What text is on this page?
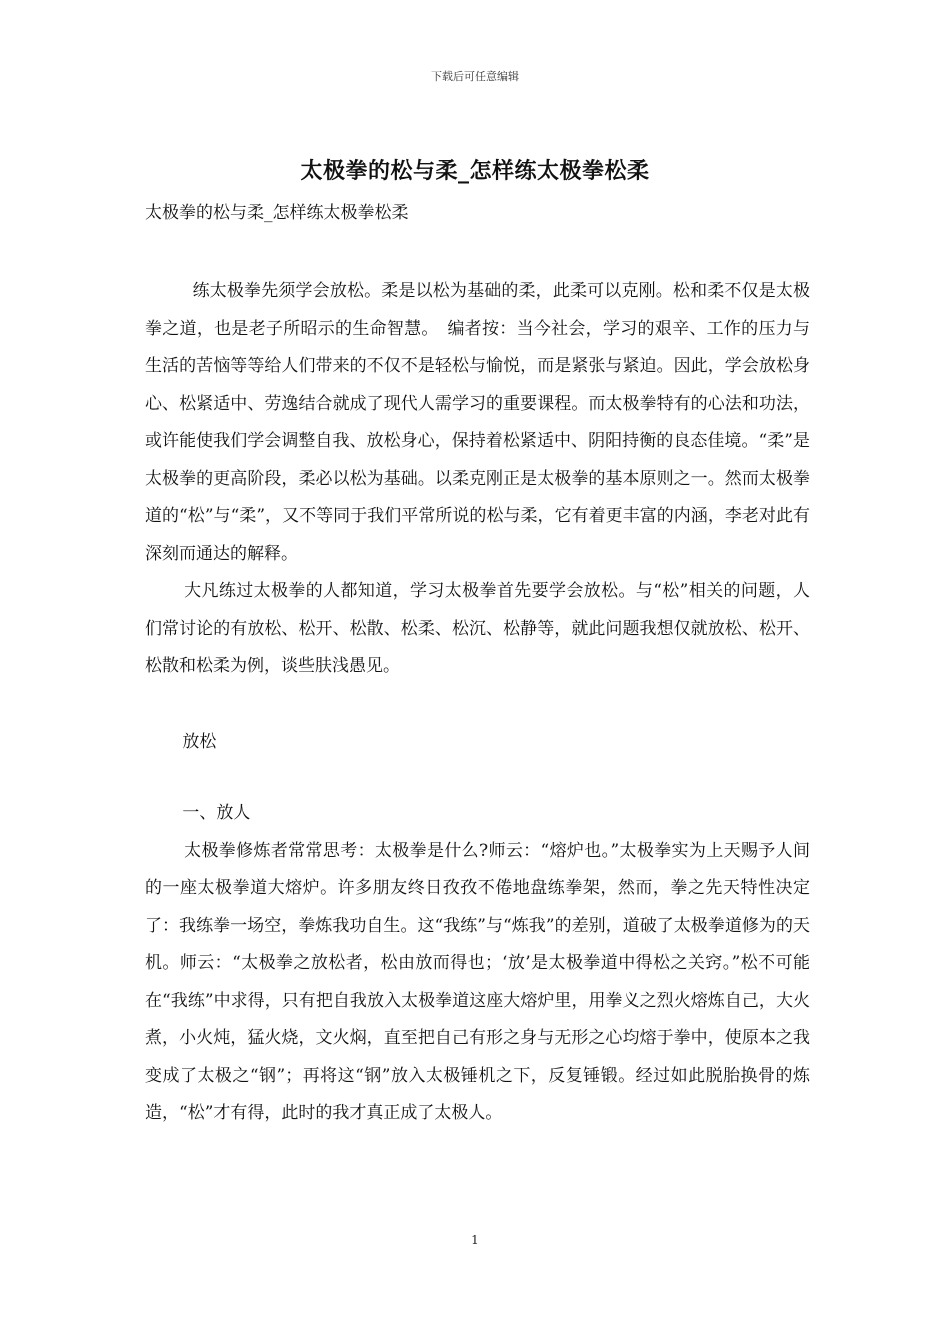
下载后可任意编辑
太极拳的松与柔_怎样练太极拳松柔

太极拳的松与柔_怎样练太极拳松柔

练太极拳先须学会放松。柔是以松为基础的柔，此柔可以克刚。松和柔不仅是太极拳之道，也是老子所昭示的生命智慧。　编者按：当今社会，学习的艰辛、工作的压力与生活的苦恼等等给人们带来的不仅不是轻松与愉悦，而是紧张与紧迫。因此，学会放松身心、松紧适中、劳逸结合就成了现代人需学习的重要课程。而太极拳特有的心法和功法，或许能使我们学会调整自我、放松身心，保持着松紧适中、阴阳持衡的良态佳境。“柔”是太极拳的更高阶段，柔必以松为基础。以柔克刚正是太极拳的基本原则之一。然而太极拳道的“松”与“柔”，又不等同于我们平常所说的松与柔，它有着更丰富的内涵，李老对此有深刻而通达的解释。

大凡练过太极拳的人都知道，学习太极拳首先要学会放松。与“松”相关的问题，人们常讨论的有放松、松开、松散、松柔、松沉、松静等，就此问题我想仅就放松、松开、松散和松柔为例，谈些肤浅愚见。

放松

一、放人

太极拳修炼者常常思考：太极拳是什么?师云：“熔炉也。”太极拳实为上天赐予人间的一座太极拳道大熔炉。许多朋友终日孜孜不倦地盘练拳架，然而，拳之先天特性决定了：我练拳一场空，拳炼我功自生。这“我练”与“炼我”的差别，道破了太极拳道修为的天机。师云：“太极拳之放松者，松由放而得也；‘放’是太极拳道中得松之关窍。”松不可能在“我练”中求得，只有把自我放入太极拳道这座大熔炉里，用拳义之烈火熔炼自己，大火煮，小火炖，猛火烧，文火焖，直至把自己有形之身与无形之心均熔于拳中，使原本之我变成了太极之“钢”；再将这“钢”放入太极锤机之下，反复锤锻。经过如此脱胎换骨的炼造，“松”才有得，此时的我才真正成了太极人。

1
